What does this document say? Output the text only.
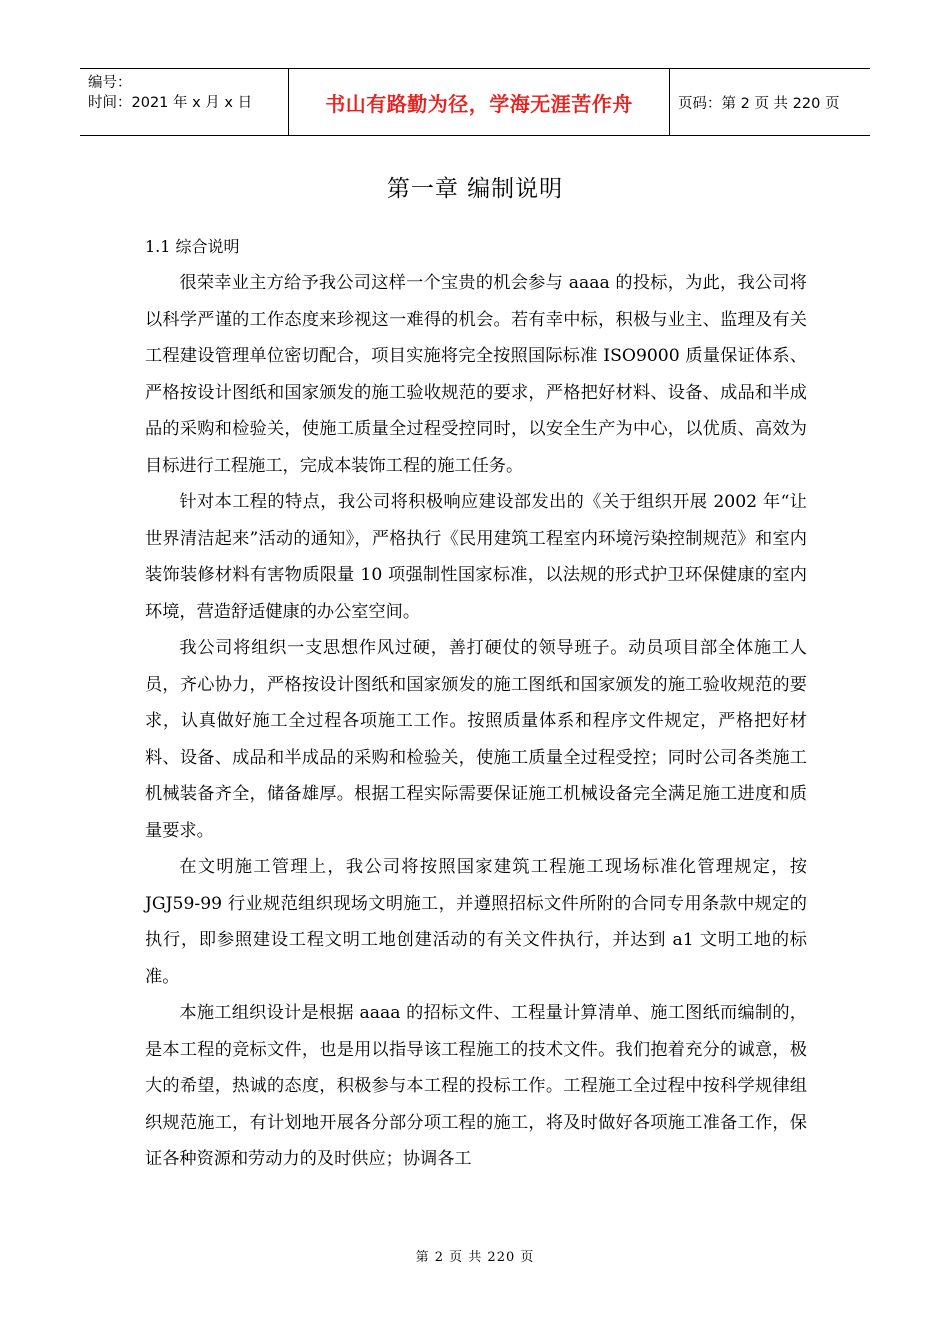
编号：
时间：2021 年 x 月 x 日	书山有路勤为径，学海无涯苦作舟	页码：第 2 页 共 220 页
第一章 编制说明
1.1 综合说明

很荣幸业主方给予我公司这样一个宝贵的机会参与 aaaa 的投标，为此，我公司将以科学严谨的工作态度来珍视这一难得的机会。若有幸中标，积极与业主、监理及有关工程建设管理单位密切配合，项目实施将完全按照国际标准 ISO9000 质量保证体系、严格按设计图纸和国家颁发的施工验收规范的要求，严格把好材料、设备、成品和半成品的采购和检验关，使施工质量全过程受控同时，以安全生产为中心，以优质、高效为目标进行工程施工，完成本装饰工程的施工任务。

针对本工程的特点，我公司将积极响应建设部发出的《关于组织开展 2002 年“让世界清洁起来”活动的通知》，严格执行《民用建筑工程室内环境污染控制规范》和室内装饰装修材料有害物质限量 10 项强制性国家标准，以法规的形式护卫环保健康的室内环境，营造舒适健康的办公室空间。

我公司将组织一支思想作风过硬，善打硬仗的领导班子。动员项目部全体施工人员，齐心协力，严格按设计图纸和国家颁发的施工图纸和国家颁发的施工验收规范的要求，认真做好施工全过程各项施工工作。按照质量体系和程序文件规定，严格把好材料、设备、成品和半成品的采购和检验关，使施工质量全过程受控；同时公司各类施工机械装备齐全，储备雄厚。根据工程实际需要保证施工机械设备完全满足施工进度和质量要求。

在文明施工管理上，我公司将按照国家建筑工程施工现场标准化管理规定，按 JGJ59-99 行业规范组织现场文明施工，并遵照招标文件所附的合同专用条款中规定的执行，即参照建设工程文明工地创建活动的有关文件执行，并达到 a1 文明工地的标准。

本施工组织设计是根据 aaaa 的招标文件、工程量计算清单、施工图纸而编制的，是本工程的竞标文件，也是用以指导该工程施工的技术文件。我们抱着充分的诚意，极大的希望，热诚的态度，积极参与本工程的投标工作。工程施工全过程中按科学规律组织规范施工，有计划地开展各分部分项工程的施工，将及时做好各项施工准备工作，保证各种资源和劳动力的及时供应；协调各工

第 2 页 共 220 页
